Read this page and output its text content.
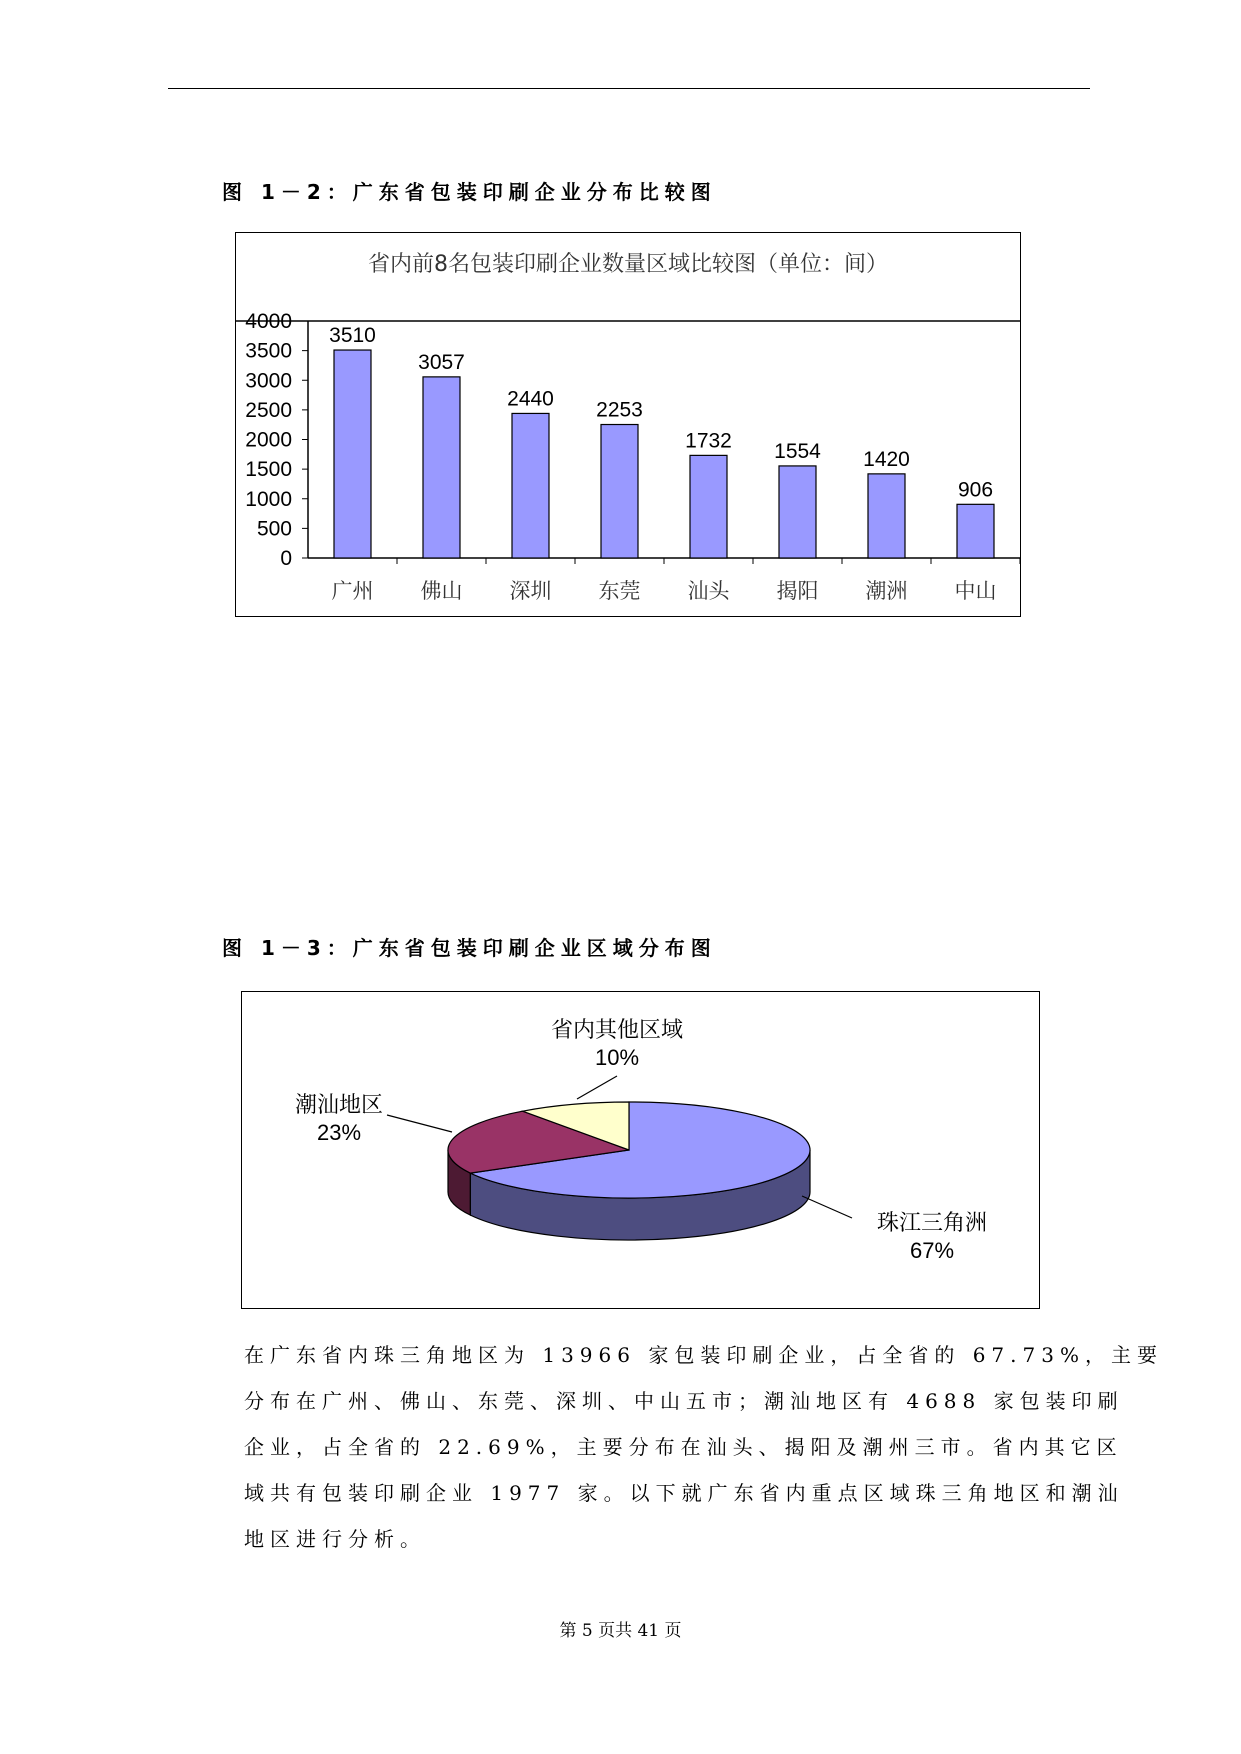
图 1－2：广东省包装印刷企业分布比较图
省内前8名包装印刷企业数量区域比较图（单位：间）
0
500
1000
1500
2000
2500
3000
3500
4000
3510
广州
3057
佛山
2440
深圳
2253
东莞
1732
汕头
1554
揭阳
1420
潮洲
906
中山
图 1－3：广东省包装印刷企业区域分布图
珠江三角洲
67%
潮汕地区
23%
省内其他区域
10%
在广东省内珠三角地区为 13966 家包装印刷企业，占全省的 67.73%，主要
分布在广州、佛山、东莞、深圳、中山五市；潮汕地区有 4688 家包装印刷
企业，占全省的 22.69%，主要分布在汕头、揭阳及潮州三市。省内其它区
域共有包装印刷企业 1977 家。以下就广东省内重点区域珠三角地区和潮汕
地区进行分析。
第 5 页共 41 页
